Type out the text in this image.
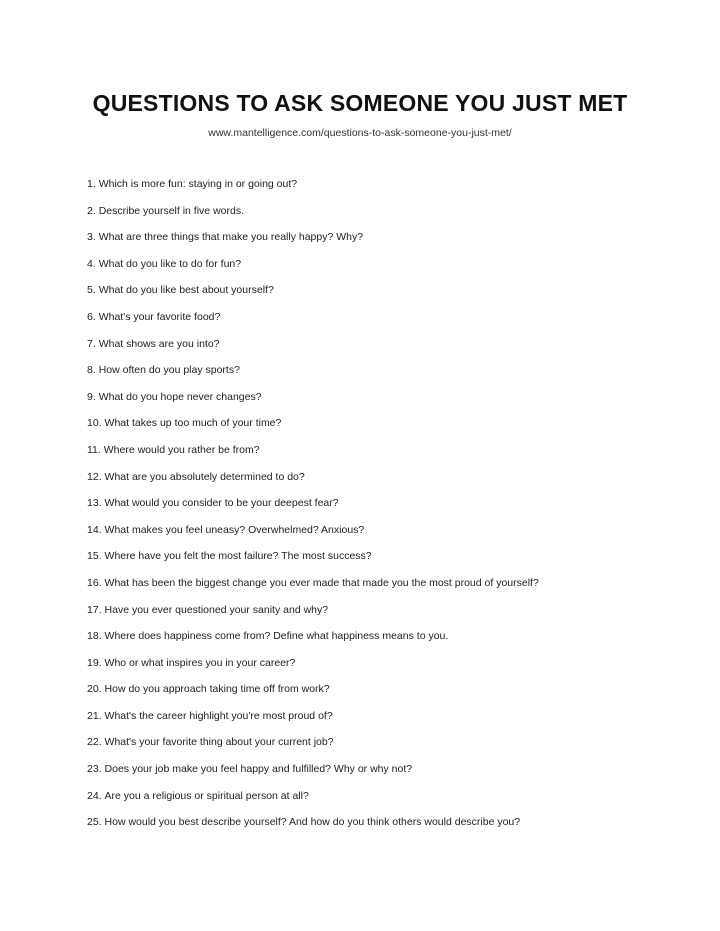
QUESTIONS TO ASK SOMEONE YOU JUST MET
www.mantelligence.com/questions-to-ask-someone-you-just-met/
1 . Which is more fun: staying in or going out?
2 . Describe yourself in five words.
3 . What are three things that make you really happy? Why?
4 . What do you like to do for fun?
5 . What do you like best about yourself?
6 . What's your favorite food?
7 . What shows are you into?
8 . How often do you play sports?
9 . What do you hope never changes?
10 . What takes up too much of your time?
11 . Where would you rather be from?
12 . What are you absolutely determined to do?
13 . What would you consider to be your deepest fear?
14 . What makes you feel uneasy? Overwhelmed? Anxious?
15 . Where have you felt the most failure? The most success?
16 . What has been the biggest change you ever made that made you the most proud of yourself?
17 . Have you ever questioned your sanity and why?
18 . Where does happiness come from? Define what happiness means to you.
19 . Who or what inspires you in your career?
20 . How do you approach taking time off from work?
21 . What's the career highlight you're most proud of?
22 . What's your favorite thing about your current job?
23 . Does your job make you feel happy and fulfilled? Why or why not?
24 . Are you a religious or spiritual person at all?
25 . How would you best describe yourself? And how do you think others would describe you?
